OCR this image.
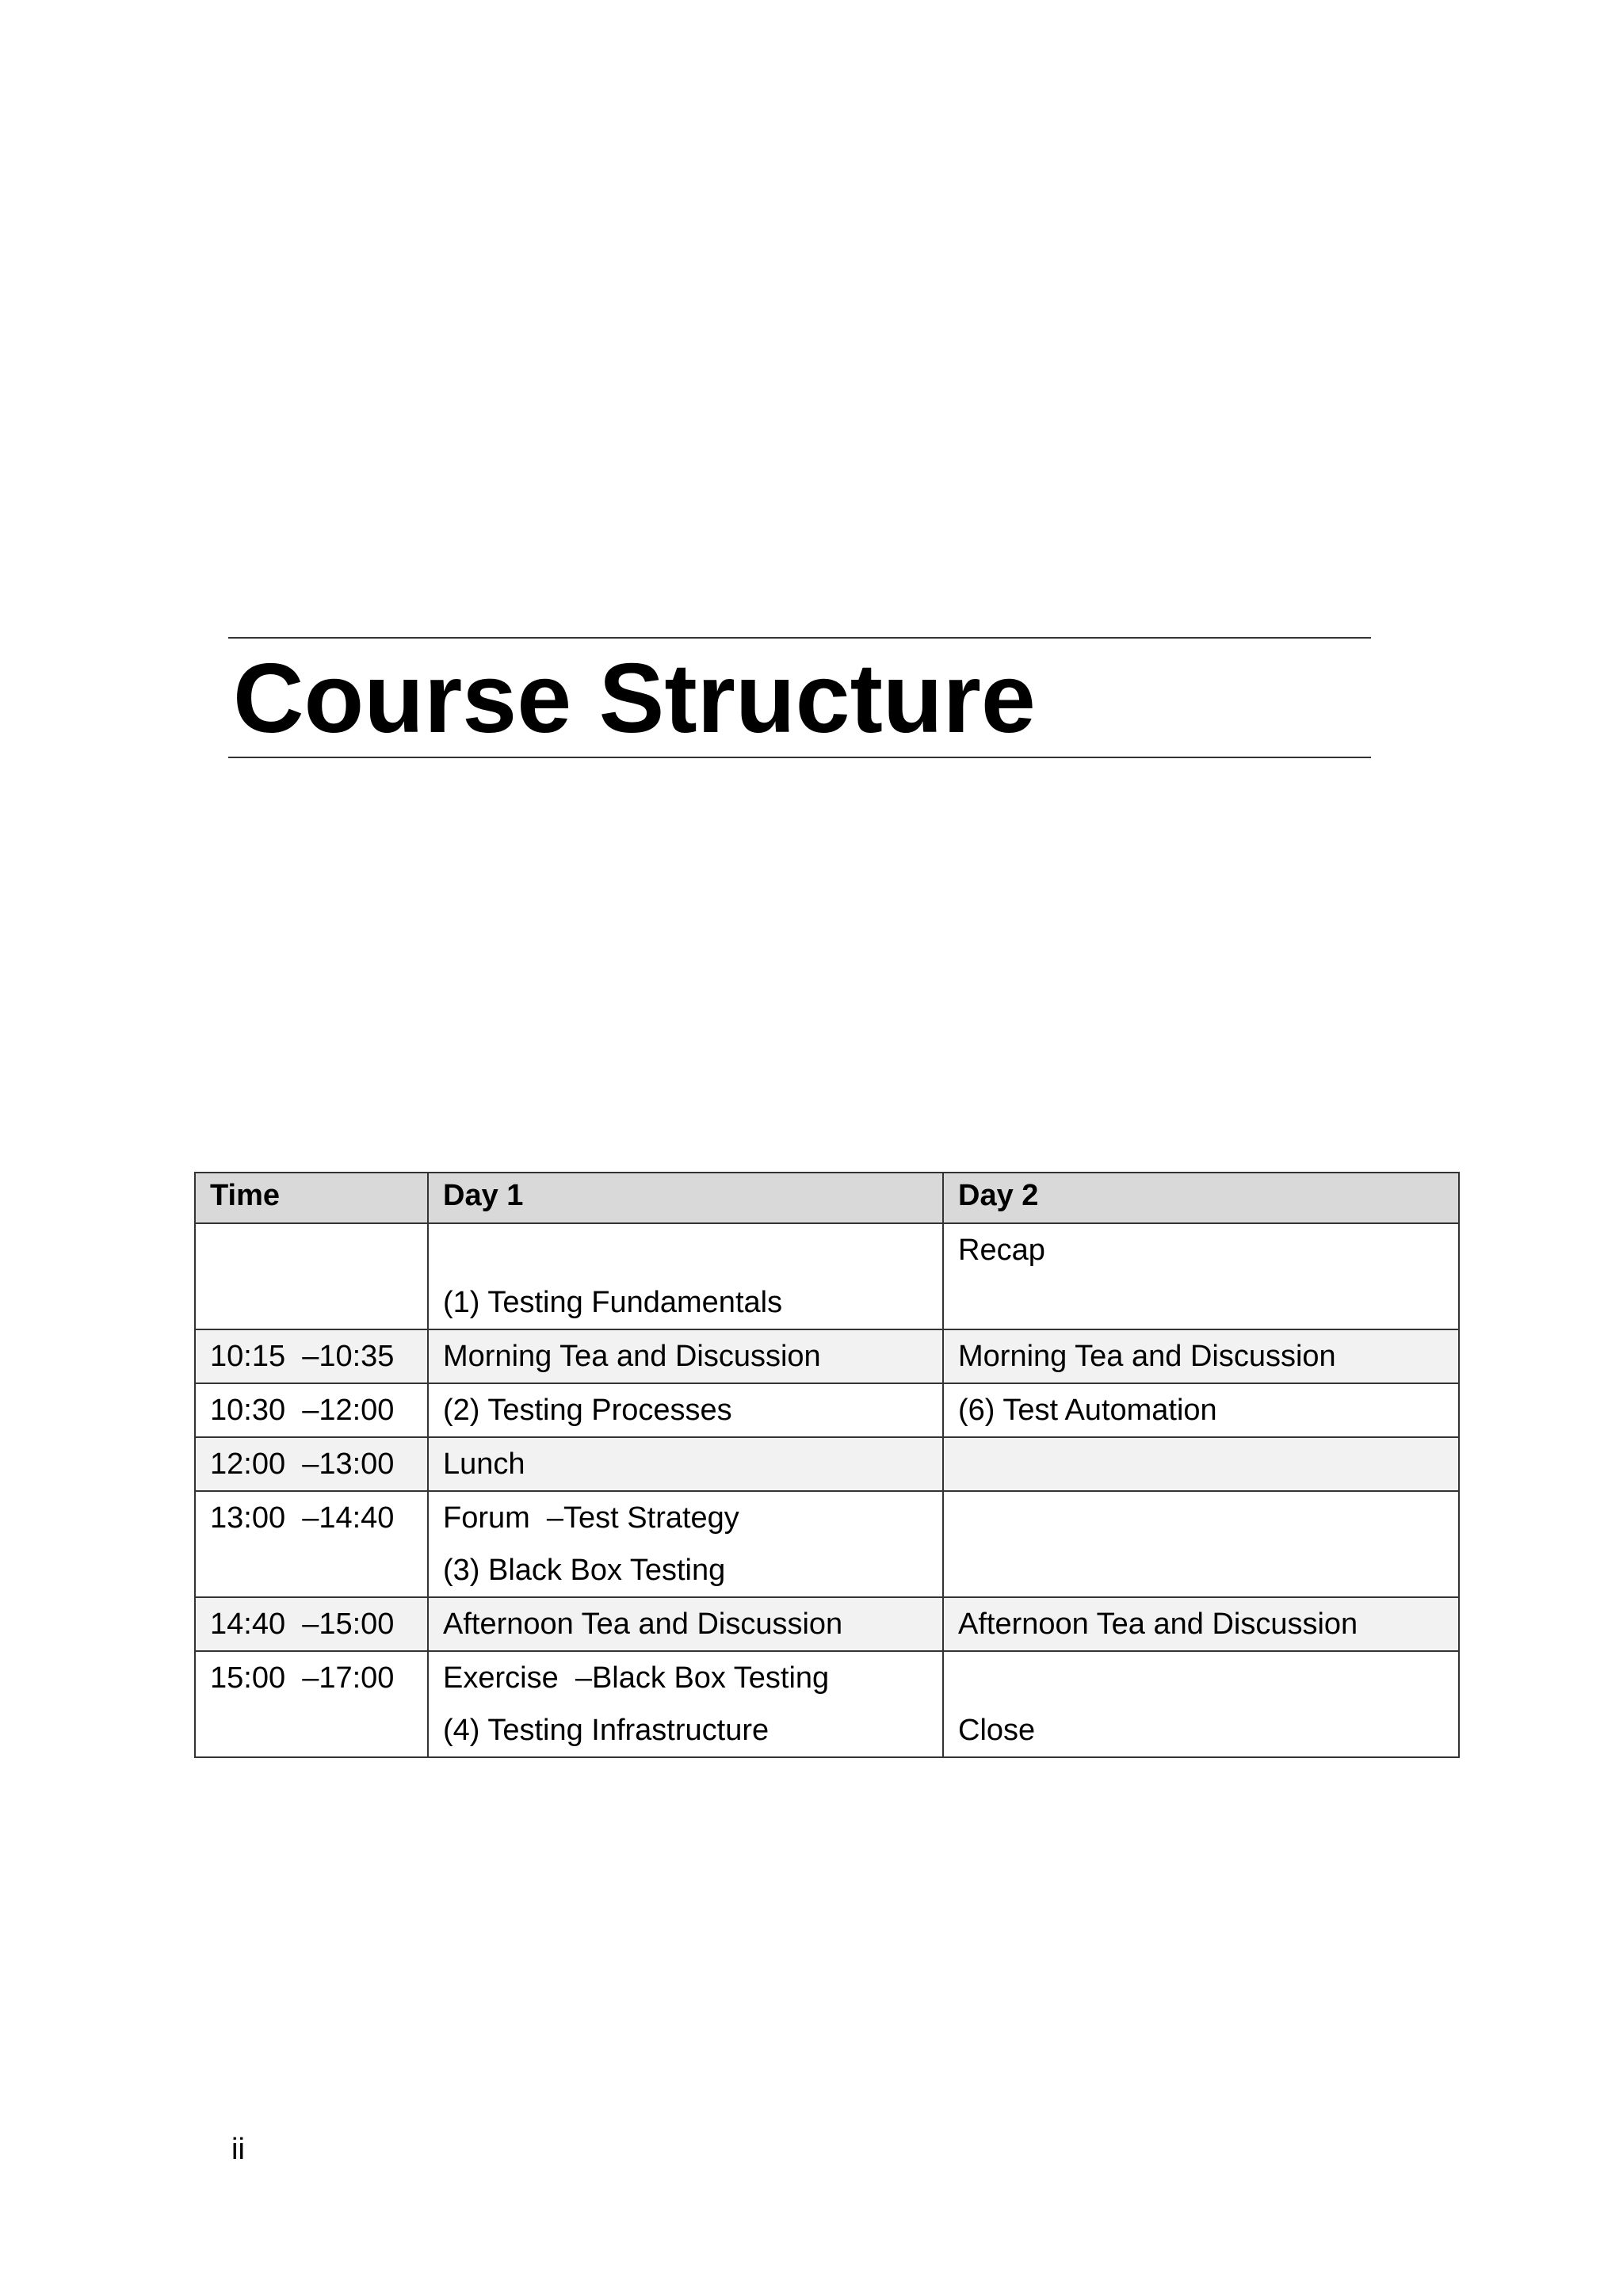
Course Structure
Time	Day 1	Day 2

	(1) Testing Fundamentals	Recap

10:15  –10:35	Morning Tea and Discussion	Morning Tea and Discussion

10:30  –12:00	(2) Testing Processes	(6) Test Automation

12:00  –13:00	Lunch	

13:00  –14:40	Forum  –Test Strategy
(3) Black Box Testing	

14:40  –15:00	Afternoon Tea and Discussion	Afternoon Tea and Discussion

15:00  –17:00	Exercise  –Black Box Testing
(4) Testing Infrastructure	Close
ii
